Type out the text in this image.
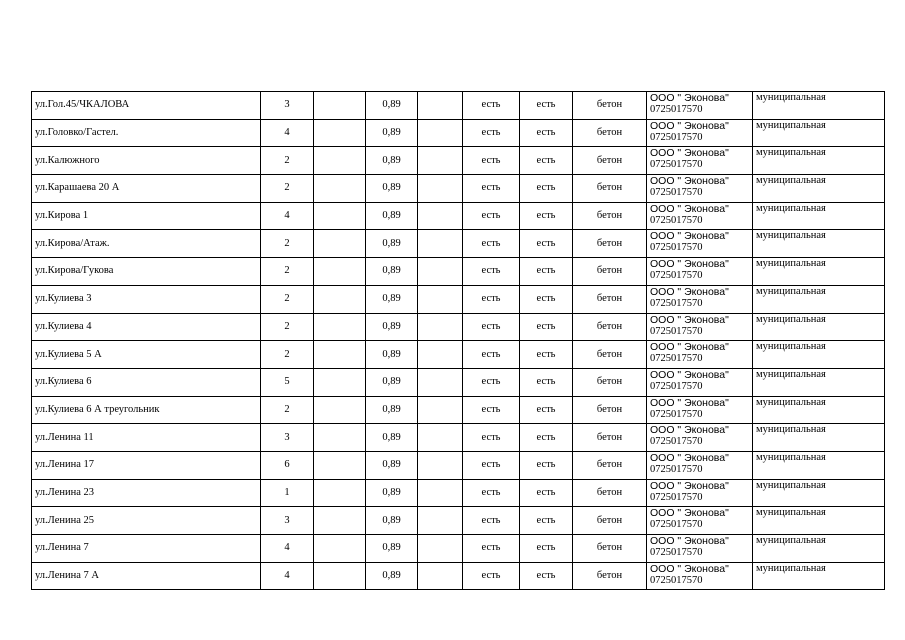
ул.Гол.45/ЧКАЛОВА	3		0,89		есть	есть	бетон	ООО " Эконова"
0725017570	муниципальная
ул.Головко/Гастел.	4		0,89		есть	есть	бетон	ООО " Эконова"
0725017570	муниципальная
ул.Калюжного	2		0,89		есть	есть	бетон	ООО " Эконова"
0725017570	муниципальная
ул.Карашаева 20 А	2		0,89		есть	есть	бетон	ООО " Эконова"
0725017570	муниципальная
ул.Кирова 1	4		0,89		есть	есть	бетон	ООО " Эконова"
0725017570	муниципальная
ул.Кирова/Атаж.	2		0,89		есть	есть	бетон	ООО " Эконова"
0725017570	муниципальная
ул.Кирова/Гукова	2		0,89		есть	есть	бетон	ООО " Эконова"
0725017570	муниципальная
ул.Кулиева 3	2		0,89		есть	есть	бетон	ООО " Эконова"
0725017570	муниципальная
ул.Кулиева 4	2		0,89		есть	есть	бетон	ООО " Эконова"
0725017570	муниципальная
ул.Кулиева 5 А	2		0,89		есть	есть	бетон	ООО " Эконова"
0725017570	муниципальная
ул.Кулиева 6	5		0,89		есть	есть	бетон	ООО " Эконова"
0725017570	муниципальная
ул.Кулиева 6 А треугольник	2		0,89		есть	есть	бетон	ООО " Эконова"
0725017570	муниципальная
ул.Ленина 11	3		0,89		есть	есть	бетон	ООО " Эконова"
0725017570	муниципальная
ул.Ленина 17	6		0,89		есть	есть	бетон	ООО " Эконова"
0725017570	муниципальная
ул.Ленина 23	1		0,89		есть	есть	бетон	ООО " Эконова"
0725017570	муниципальная
ул.Ленина 25	3		0,89		есть	есть	бетон	ООО " Эконова"
0725017570	муниципальная
ул.Ленина 7	4		0,89		есть	есть	бетон	ООО " Эконова"
0725017570	муниципальная
ул.Ленина 7 А	4		0,89		есть	есть	бетон	ООО " Эконова"
0725017570	муниципальная
